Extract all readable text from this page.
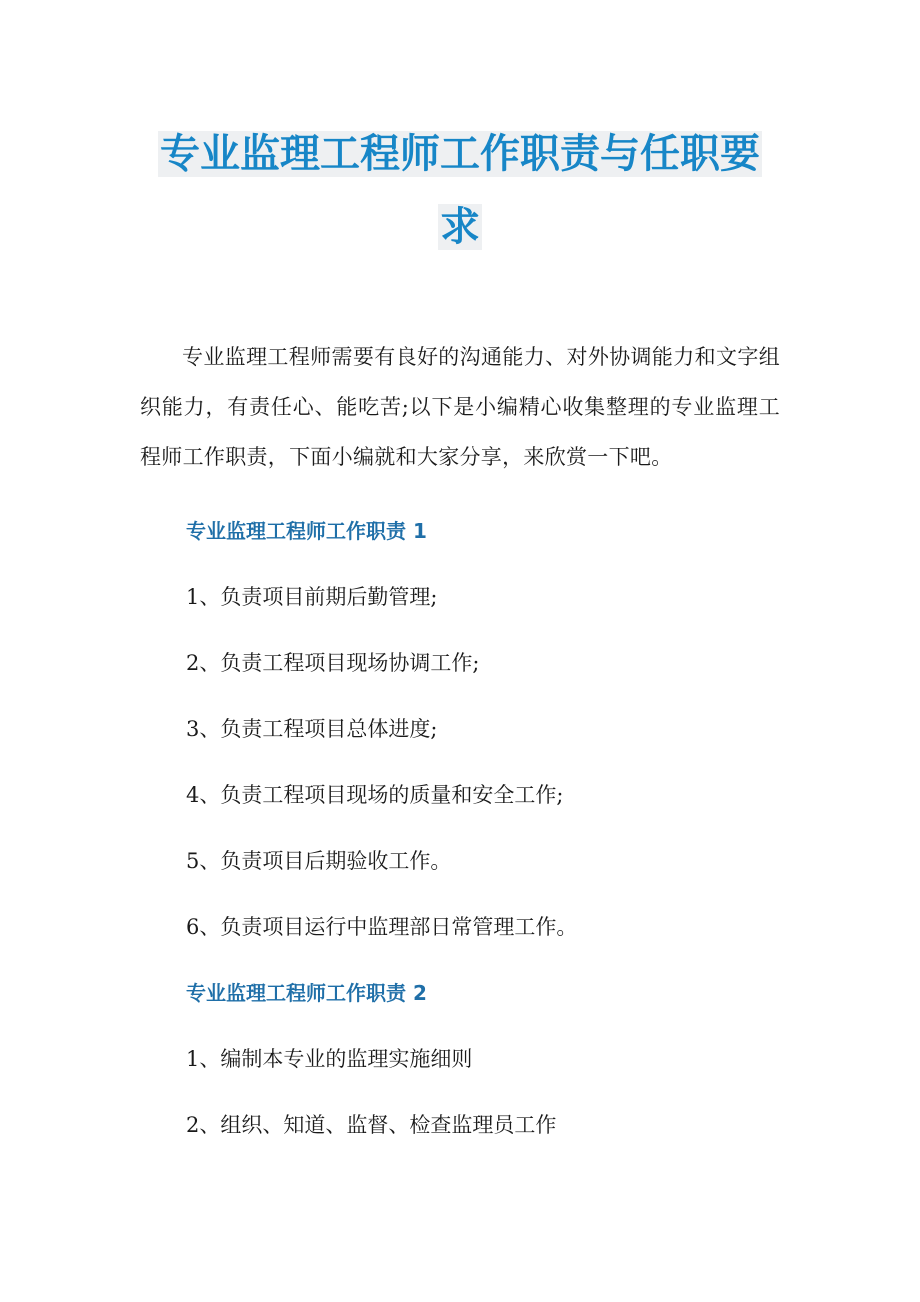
专业监理工程师工作职责与任职要
求

专业监理工程师需要有良好的沟通能力、对外协调能力和文字组织能力，有责任心、能吃苦;以下是小编精心收集整理的专业监理工程师工作职责，下面小编就和大家分享，来欣赏一下吧。

专业监理工程师工作职责 1

1、负责项目前期后勤管理;

2、负责工程项目现场协调工作;

3、负责工程项目总体进度;

4、负责工程项目现场的质量和安全工作;

5、负责项目后期验收工作。

6、负责项目运行中监理部日常管理工作。

专业监理工程师工作职责 2

1、编制本专业的监理实施细则

2、组织、知道、监督、检查监理员工作
